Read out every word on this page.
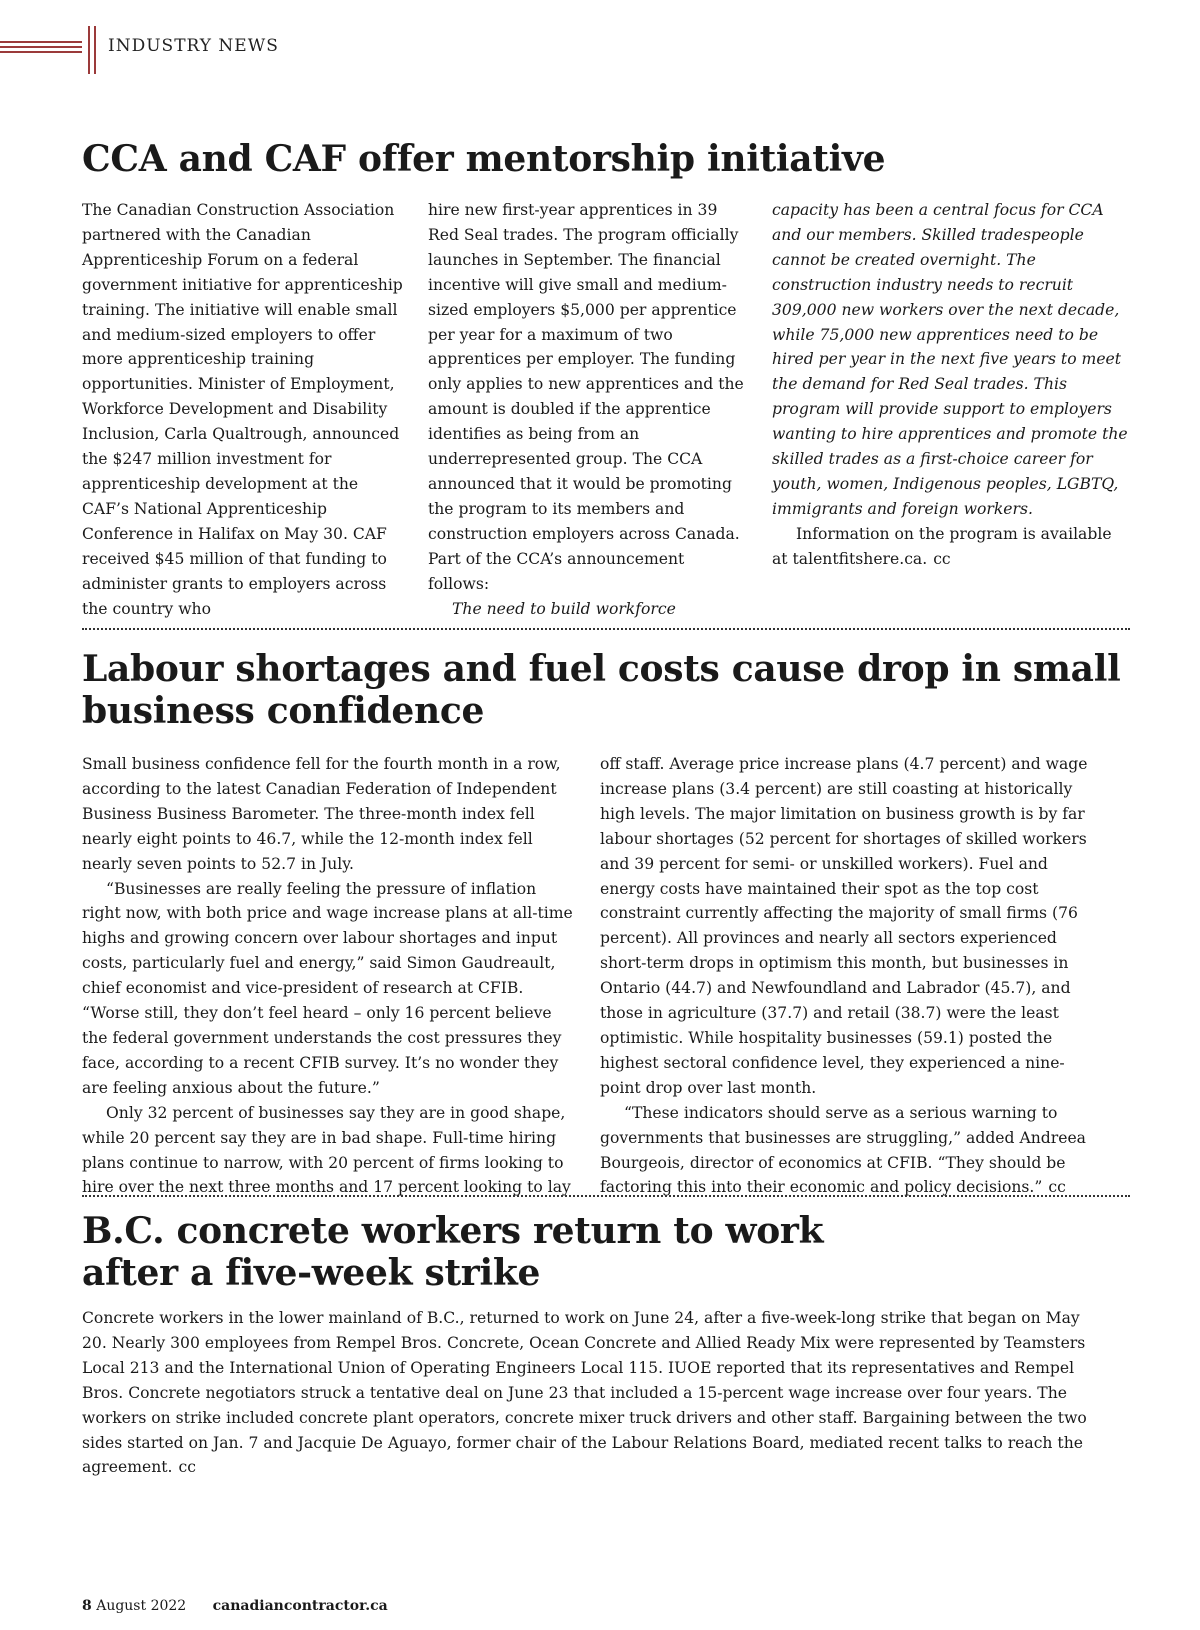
INDUSTRY NEWS
CCA and CAF offer mentorship initiative

The Canadian Construction Association partnered with the Canadian Apprenticeship Forum on a federal government initiative for apprenticeship training. The initiative will enable small and medium-sized employers to offer more apprenticeship training opportunities. Minister of Employment, Workforce Development and Disability Inclusion, Carla Qualtrough, announced the $247 million investment for apprenticeship development at the CAF’s National Apprenticeship Conference in Halifax on May 30. CAF received $45 million of that funding to administer grants to employers across the country who

hire new first-year apprentices in 39 Red Seal trades. The program officially launches in September. The financial incentive will give small and medium-sized employers $5,000 per apprentice per year for a maximum of two apprentices per employer. The funding only applies to new apprentices and the amount is doubled if the apprentice identifies as being from an underrepresented group. The CCA announced that it would be promoting the program to its members and construction employers across Canada. Part of the CCA’s announcement follows:

The need to build workforce

capacity has been a central focus for CCA and our members. Skilled tradespeople cannot be created overnight. The construction industry needs to recruit 309,000 new workers over the next decade, while 75,000 new apprentices need to be hired per year in the next five years to meet the demand for Red Seal trades. This program will provide support to employers wanting to hire apprentices and promote the skilled trades as a first-choice career for youth, women, Indigenous peoples, LGBTQ, immigrants and foreign workers.

Information on the program is available at talentfitshere.ca. cc

Labour shortages and fuel costs cause drop in small business confidence

Small business confidence fell for the fourth month in a row, according to the latest Canadian Federation of Independent Business Business Barometer. The three-month index fell nearly eight points to 46.7, while the 12-month index fell nearly seven points to 52.7 in July.

“Businesses are really feeling the pressure of inflation right now, with both price and wage increase plans at all-time highs and growing concern over labour shortages and input costs, particularly fuel and energy,” said Simon Gaudreault, chief economist and vice-president of research at CFIB. “Worse still, they don’t feel heard – only 16 percent believe the federal government understands the cost pressures they face, according to a recent CFIB survey. It’s no wonder they are feeling anxious about the future.”

Only 32 percent of businesses say they are in good shape, while 20 percent say they are in bad shape. Full-time hiring plans continue to narrow, with 20 percent of firms looking to hire over the next three months and 17 percent looking to lay

off staff. Average price increase plans (4.7 percent) and wage increase plans (3.4 percent) are still coasting at historically high levels. The major limitation on business growth is by far labour shortages (52 percent for shortages of skilled workers and 39 percent for semi- or unskilled workers). Fuel and energy costs have maintained their spot as the top cost constraint currently affecting the majority of small firms (76 percent). All provinces and nearly all sectors experienced short-term drops in optimism this month, but businesses in Ontario (44.7) and Newfoundland and Labrador (45.7), and those in agriculture (37.7) and retail (38.7) were the least optimistic. While hospitality businesses (59.1) posted the highest sectoral confidence level, they experienced a nine-point drop over last month.

“These indicators should serve as a serious warning to governments that businesses are struggling,” added Andreea Bourgeois, director of economics at CFIB. “They should be factoring this into their economic and policy decisions.” cc

B.C. concrete workers return to work after a five-week strike

Concrete workers in the lower mainland of B.C., returned to work on June 24, after a five-week-long strike that began on May 20. Nearly 300 employees from Rempel Bros. Concrete, Ocean Concrete and Allied Ready Mix were represented by Teamsters Local 213 and the International Union of Operating Engineers Local 115. IUOE reported that its representatives and Rempel Bros. Concrete negotiators struck a tentative deal on June 23 that included a 15-percent wage increase over four years. The workers on strike included concrete plant operators, concrete mixer truck drivers and other staff. Bargaining between the two sides started on Jan. 7 and Jacquie De Aguayo, former chair of the Labour Relations Board, mediated recent talks to reach the agreement. cc

8 August 2022 canadiancontractor.ca
